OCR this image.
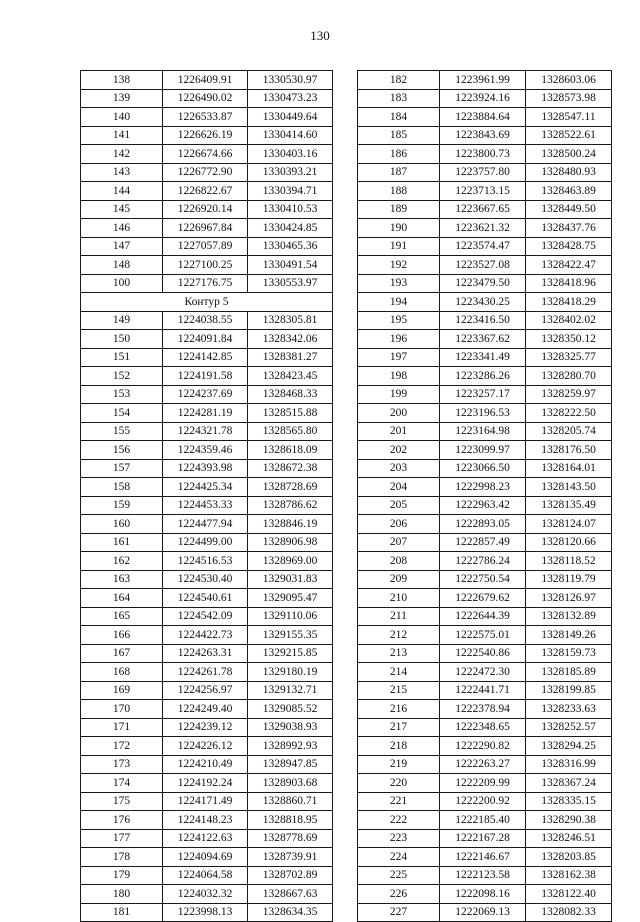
130
138	1226409.91	1330530.97
139	1226490.02	1330473.23
140	1226533.87	1330449.64
141	1226626.19	1330414.60
142	1226674.66	1330403.16
143	1226772.90	1330393.21
144	1226822.67	1330394.71
145	1226920.14	1330410.53
146	1226967.84	1330424.85
147	1227057.89	1330465.36
148	1227100.25	1330491.54
100	1227176.75	1330553.97
Контур 5		
149	1224038.55	1328305.81
150	1224091.84	1328342.06
151	1224142.85	1328381.27
152	1224191.58	1328423.45
153	1224237.69	1328468.33
154	1224281.19	1328515.88
155	1224321.78	1328565.80
156	1224359.46	1328618.09
157	1224393.98	1328672.38
158	1224425.34	1328728.69
159	1224453.33	1328786.62
160	1224477.94	1328846.19
161	1224499.00	1328906.98
162	1224516.53	1328969.00
163	1224530.40	1329031.83
164	1224540.61	1329095.47
165	1224542.09	1329110.06
166	1224422.73	1329155.35
167	1224263.31	1329215.85
168	1224261.78	1329180.19
169	1224256.97	1329132.71
170	1224249.40	1329085.52
171	1224239.12	1329038.93
172	1224226.12	1328992.93
173	1224210.49	1328947.85
174	1224192.24	1328903.68
175	1224171.49	1328860.71
176	1224148.23	1328818.95
177	1224122.63	1328778.69
178	1224094.69	1328739.91
179	1224064.58	1328702.89
180	1224032.32	1328667.63
181	1223998.13	1328634.35
182	1223961.99	1328603.06
183	1223924.16	1328573.98
184	1223884.64	1328547.11
185	1223843.69	1328522.61
186	1223800.73	1328500.24
187	1223757.80	1328480.93
188	1223713.15	1328463.89
189	1223667.65	1328449.50
190	1223621.32	1328437.76
191	1223574.47	1328428.75
192	1223527.08	1328422.47
193	1223479.50	1328418.96
194	1223430.25	1328418.29
195	1223416.50	1328402.02
196	1223367.62	1328350.12
197	1223341.49	1328325.77
198	1223286.26	1328280.70
199	1223257.17	1328259.97
200	1223196.53	1328222.50
201	1223164.98	1328205.74
202	1223099.97	1328176.50
203	1223066.50	1328164.01
204	1222998.23	1328143.50
205	1222963.42	1328135.49
206	1222893.05	1328124.07
207	1222857.49	1328120.66
208	1222786.24	1328118.52
209	1222750.54	1328119.79
210	1222679.62	1328126.97
211	1222644.39	1328132.89
212	1222575.01	1328149.26
213	1222540.86	1328159.73
214	1222472.30	1328185.89
215	1222441.71	1328199.85
216	1222378.94	1328233.63
217	1222348.65	1328252.57
218	1222290.82	1328294.25
219	1222263.27	1328316.99
220	1222209.99	1328367.24
221	1222200.92	1328335.15
222	1222185.40	1328290.38
223	1222167.28	1328246.51
224	1222146.67	1328203.85
225	1222123.58	1328162.38
226	1222098.16	1328122.40
227	1222069.13	1328082.33
